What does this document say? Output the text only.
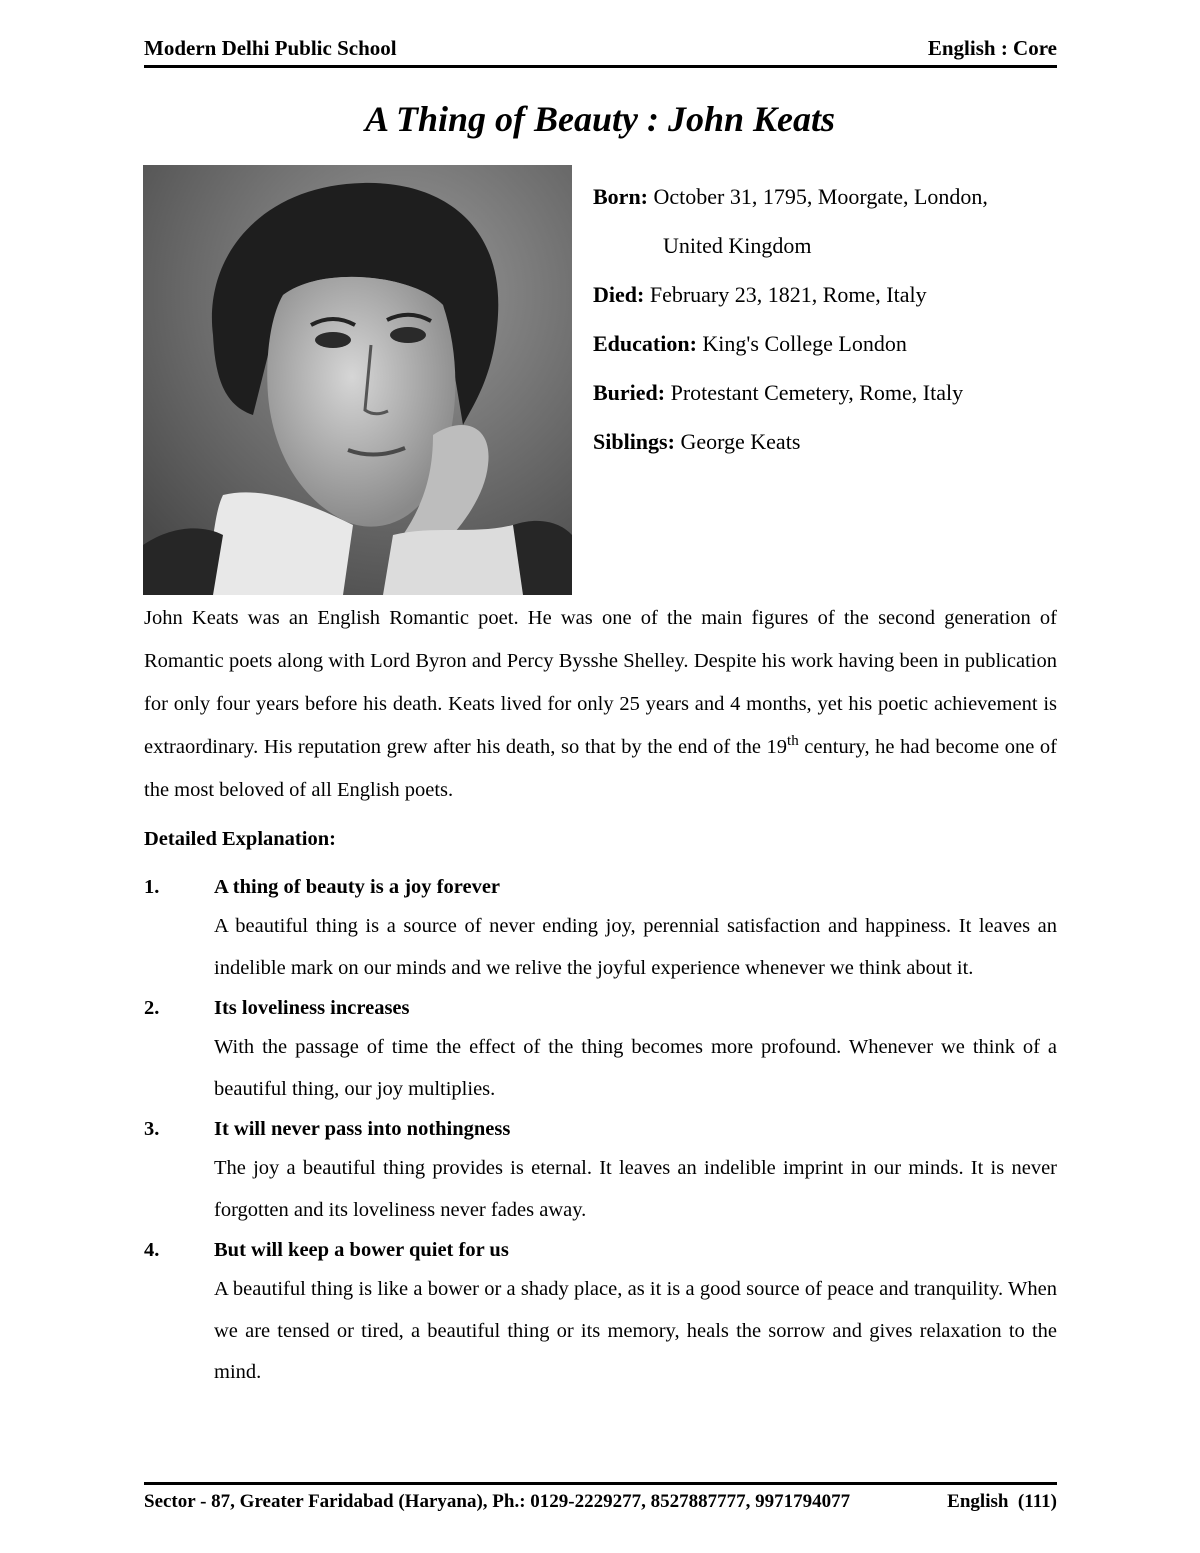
Modern Delhi Public School	English : Core
A Thing of Beauty : John Keats
Born: October 31, 1795, Moorgate, London,
United Kingdom
Died: February 23, 1821, Rome, Italy
Education: King's College London
Buried: Protestant Cemetery, Rome, Italy
Siblings: George Keats
John Keats was an English Romantic poet. He was one of the main figures of the second generation of Romantic poets along with Lord Byron and Percy Bysshe Shelley. Despite his work having been in publication for only four years before his death. Keats lived for only 25 years and 4 months, yet his poetic achievement is extraordinary. His reputation grew after his death, so that by the end of the 19th century, he had become one of the most beloved of all English poets.
Detailed Explanation:
1.	A thing of beauty is a joy forever
A beautiful thing is a source of never ending joy, perennial satisfaction and happiness. It leaves an indelible mark on our minds and we relive the joyful experience whenever we think about it.
2.	Its loveliness increases
With the passage of time the effect of the thing becomes more profound. Whenever we think of a beautiful thing, our joy multiplies.
3.	It will never pass into nothingness
The joy a beautiful thing provides is eternal. It leaves an indelible imprint in our minds. It is never forgotten and its loveliness never fades away.
4.	But will keep a bower quiet for us
A beautiful thing is like a bower or a shady place, as it is a good source of peace and tranquility. When we are tensed or tired, a beautiful thing or its memory, heals the sorrow and gives relaxation to the mind.
Sector - 87, Greater Faridabad (Haryana), Ph.: 0129-2229277, 8527887777, 9971794077	English  (111)
